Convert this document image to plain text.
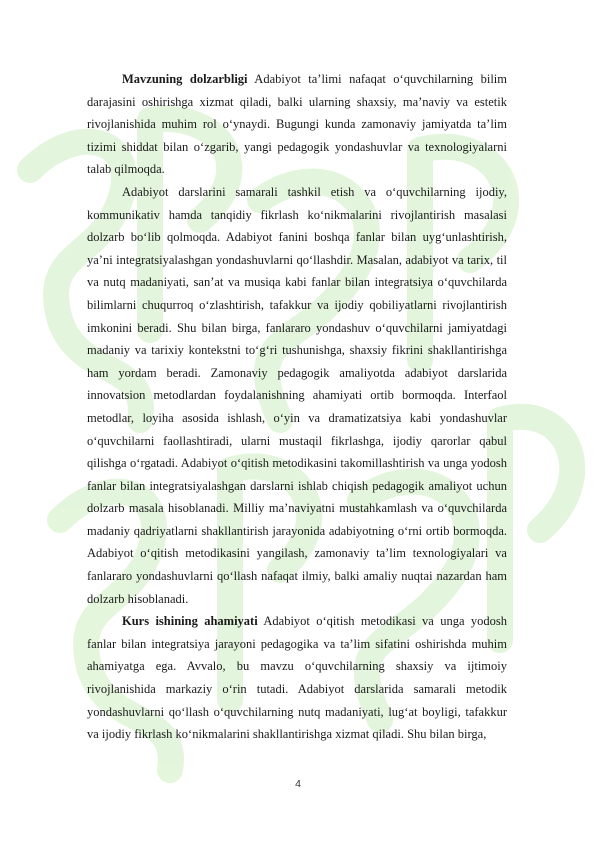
Mavzuning dolzarbligi Adabiyot ta’limi nafaqat o‘quvchilarning bilim darajasini oshirishga xizmat qiladi, balki ularning shaxsiy, ma’naviy va estetik rivojlanishida muhim rol o‘ynaydi. Bugungi kunda zamonaviy jamiyatda ta’lim tizimi shiddat bilan o‘zgarib, yangi pedagogik yondashuvlar va texnologiyalarni talab qilmoqda.

Adabiyot darslarini samarali tashkil etish va o‘quvchilarning ijodiy, kommunikativ hamda tanqidiy fikrlash ko‘nikmalarini rivojlantirish masalasi dolzarb bo‘lib qolmoqda. Adabiyot fanini boshqa fanlar bilan uyg‘unlashtirish, ya’ni integratsiyalashgan yondashuvlarni qo‘llashdir. Masalan, adabiyot va tarix, til va nutq madaniyati, san’at va musiqa kabi fanlar bilan integratsiya o‘quvchilarda bilimlarni chuqurroq o‘zlashtirish, tafakkur va ijodiy qobiliyatlarni rivojlantirish imkonini beradi. Shu bilan birga, fanlararo yondashuv o‘quvchilarni jamiyatdagi madaniy va tarixiy kontekstni to‘g‘ri tushunishga, shaxsiy fikrini shakllantirishga ham yordam beradi. Zamonaviy pedagogik amaliyotda adabiyot darslarida innovatsion metodlardan foydalanishning ahamiyati ortib bormoqda. Interfaol metodlar, loyiha asosida ishlash, o‘yin va dramatizatsiya kabi yondashuvlar o‘quvchilarni faollashtiradi, ularni mustaqil fikrlashga, ijodiy qarorlar qabul qilishga o‘rgatadi. Adabiyot o‘qitish metodikasini takomillashtirish va unga yodosh fanlar bilan integratsiyalashgan darslarni ishlab chiqish pedagogik amaliyot uchun dolzarb masala hisoblanadi. Milliy ma’naviyatni mustahkamlash va o‘quvchilarda madaniy qadriyatlarni shakllantirish jarayonida adabiyotning o‘rni ortib bormoqda. Adabiyot o‘qitish metodikasini yangilash, zamonaviy ta’lim texnologiyalari va fanlararo yondashuvlarni qo‘llash nafaqat ilmiy, balki amaliy nuqtai nazardan ham dolzarb hisoblanadi.

Kurs ishining ahamiyati Adabiyot o‘qitish metodikasi va unga yodosh fanlar bilan integratsiya jarayoni pedagogika va ta’lim sifatini oshirishda muhim ahamiyatga ega. Avvalo, bu mavzu o‘quvchilarning shaxsiy va ijtimoiy rivojlanishida markaziy o‘rin tutadi. Adabiyot darslarida samarali metodik yondashuvlarni qo‘llash o‘quvchilarning nutq madaniyati, lug‘at boyligi, tafakkur va ijodiy fikrlash ko‘nikmalarini shakllantirishga xizmat qiladi. Shu bilan birga,

4
